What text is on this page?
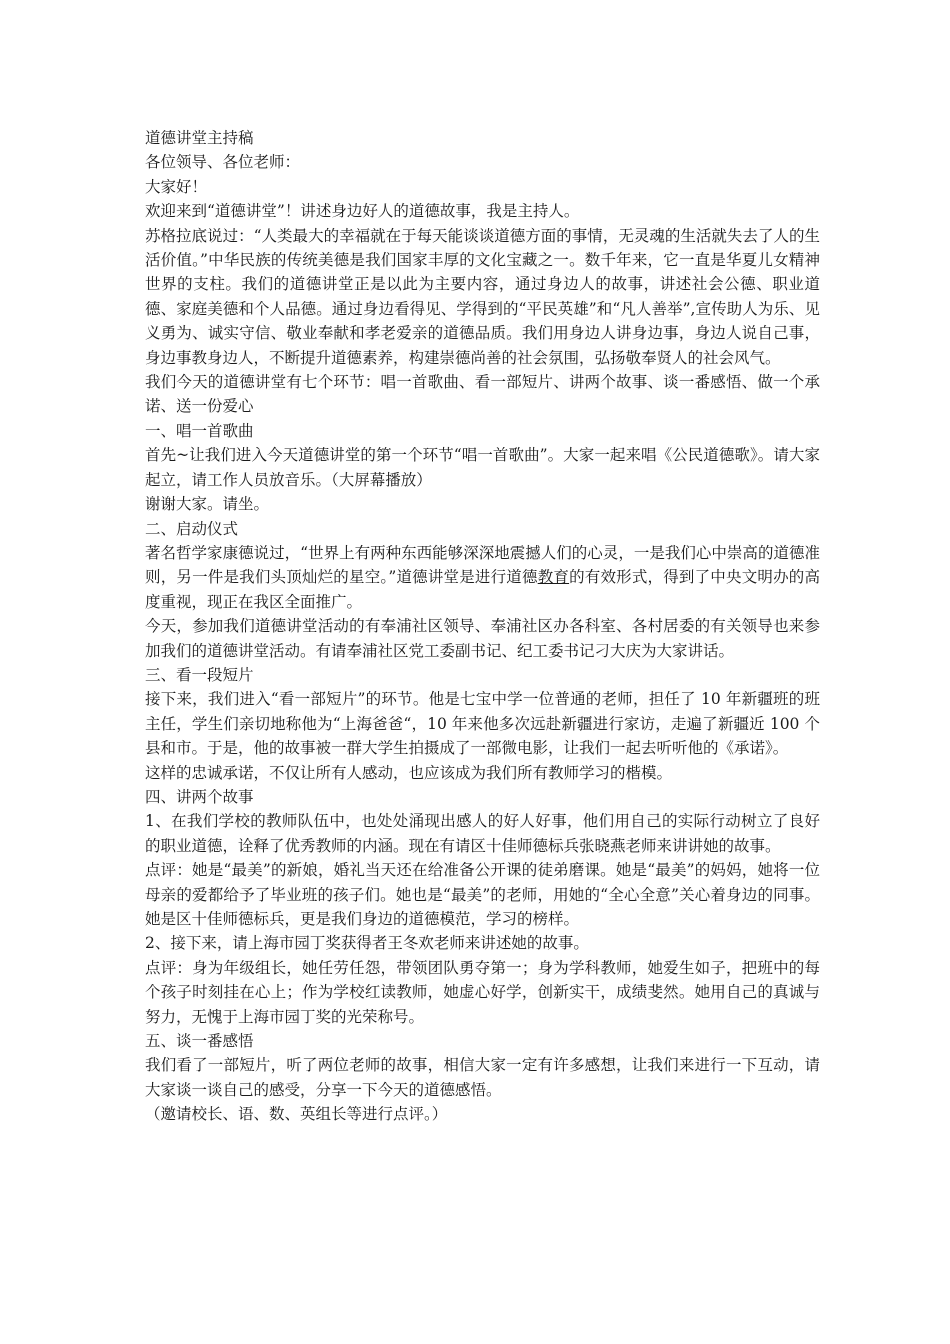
道德讲堂主持稿

各位领导、各位老师：

大家好！

欢迎来到“道德讲堂”！讲述身边好人的道德故事，我是主持人。

苏格拉底说过：“人类最大的幸福就在于每天能谈谈道德方面的事情，无灵魂的生活就失去了人的生活价值。”中华民族的传统美德是我们国家丰厚的文化宝藏之一。数千年来，它一直是华夏儿女精神世界的支柱。我们的道德讲堂正是以此为主要内容，通过身边人的故事，讲述社会公德、职业道德、家庭美德和个人品德。通过身边看得见、学得到的“平民英雄”和“凡人善举”,宣传助人为乐、见义勇为、诚实守信、敬业奉献和孝老爱亲的道德品质。我们用身边人讲身边事，身边人说自己事，身边事教身边人，不断提升道德素养，构建崇德尚善的社会氛围，弘扬敬奉贤人的社会风气。

我们今天的道德讲堂有七个环节：唱一首歌曲、看一部短片、讲两个故事、谈一番感悟、做一个承诺、送一份爱心

一、唱一首歌曲

首先~让我们进入今天道德讲堂的第一个环节“唱一首歌曲”。大家一起来唱《公民道德歌》。请大家起立，请工作人员放音乐。（大屏幕播放）

谢谢大家。请坐。

二、启动仪式

著名哲学家康德说过，“世界上有两种东西能够深深地震撼人们的心灵，一是我们心中崇高的道德准则，另一件是我们头顶灿烂的星空。”道德讲堂是进行道德教育的有效形式，得到了中央文明办的高度重视，现正在我区全面推广。

今天，参加我们道德讲堂活动的有奉浦社区领导、奉浦社区办各科室、各村居委的有关领导也来参加我们的道德讲堂活动。有请奉浦社区党工委副书记、纪工委书记刁大庆为大家讲话。

三、看一段短片

接下来，我们进入“看一部短片”的环节。他是七宝中学一位普通的老师，担任了 10 年新疆班的班主任，学生们亲切地称他为“上海爸爸“，10 年来他多次远赴新疆进行家访，走遍了新疆近 100 个县和市。于是，他的故事被一群大学生拍摄成了一部微电影，让我们一起去听听他的《承诺》。

这样的忠诚承诺，不仅让所有人感动，也应该成为我们所有教师学习的楷模。

四、讲两个故事

1、在我们学校的教师队伍中，也处处涌现出感人的好人好事，他们用自己的实际行动树立了良好的职业道德，诠释了优秀教师的内涵。现在有请区十佳师德标兵张晓燕老师来讲讲她的故事。

点评：她是“最美”的新娘，婚礼当天还在给准备公开课的徒弟磨课。她是“最美”的妈妈，她将一位母亲的爱都给予了毕业班的孩子们。她也是“最美”的老师，用她的“全心全意”关心着身边的同事。她是区十佳师德标兵，更是我们身边的道德模范，学习的榜样。

2、接下来，请上海市园丁奖获得者王冬欢老师来讲述她的故事。

点评：身为年级组长，她任劳任怨，带领团队勇夺第一；身为学科教师，她爱生如子，把班中的每个孩子时刻挂在心上；作为学校红读教师，她虚心好学，创新实干，成绩斐然。她用自己的真诚与努力，无愧于上海市园丁奖的光荣称号。

五、谈一番感悟

我们看了一部短片，听了两位老师的故事，相信大家一定有许多感想，让我们来进行一下互动，请大家谈一谈自己的感受，分享一下今天的道德感悟。

（邀请校长、语、数、英组长等进行点评。）
